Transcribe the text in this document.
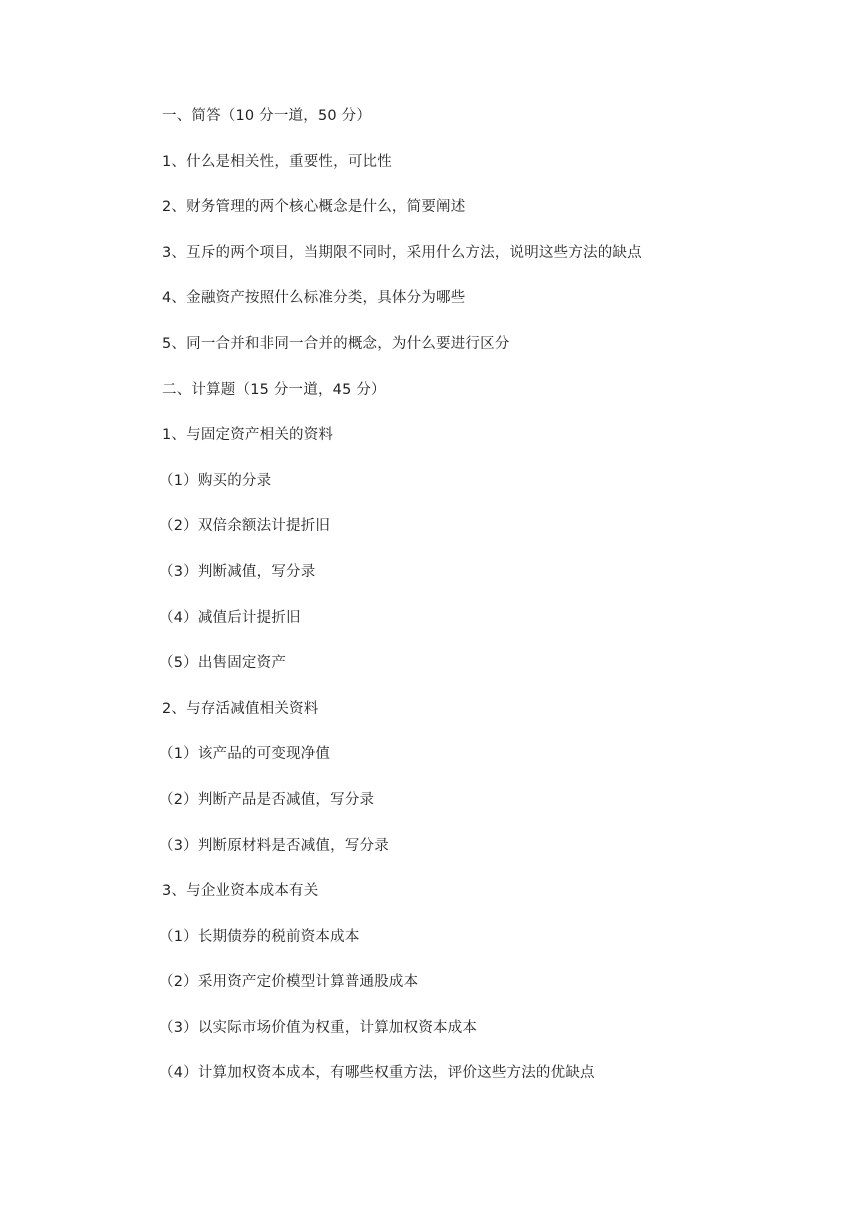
一、简答（10 分一道，50 分）
1、什么是相关性，重要性，可比性
2、财务管理的两个核心概念是什么，简要阐述
3、互斥的两个项目，当期限不同时，采用什么方法，说明这些方法的缺点
4、金融资产按照什么标准分类，具体分为哪些
5、同一合并和非同一合并的概念，为什么要进行区分
二、计算题（15 分一道，45 分）
1、与固定资产相关的资料
（1）购买的分录
（2）双倍余额法计提折旧
（3）判断减值，写分录
（4）减值后计提折旧
（5）出售固定资产
2、与存活减值相关资料
（1）该产品的可变现净值
（2）判断产品是否减值，写分录
（3）判断原材料是否减值，写分录
3、与企业资本成本有关
（1）长期债券的税前资本成本
（2）采用资产定价模型计算普通股成本
（3）以实际市场价值为权重，计算加权资本成本
（4）计算加权资本成本，有哪些权重方法，评价这些方法的优缺点
